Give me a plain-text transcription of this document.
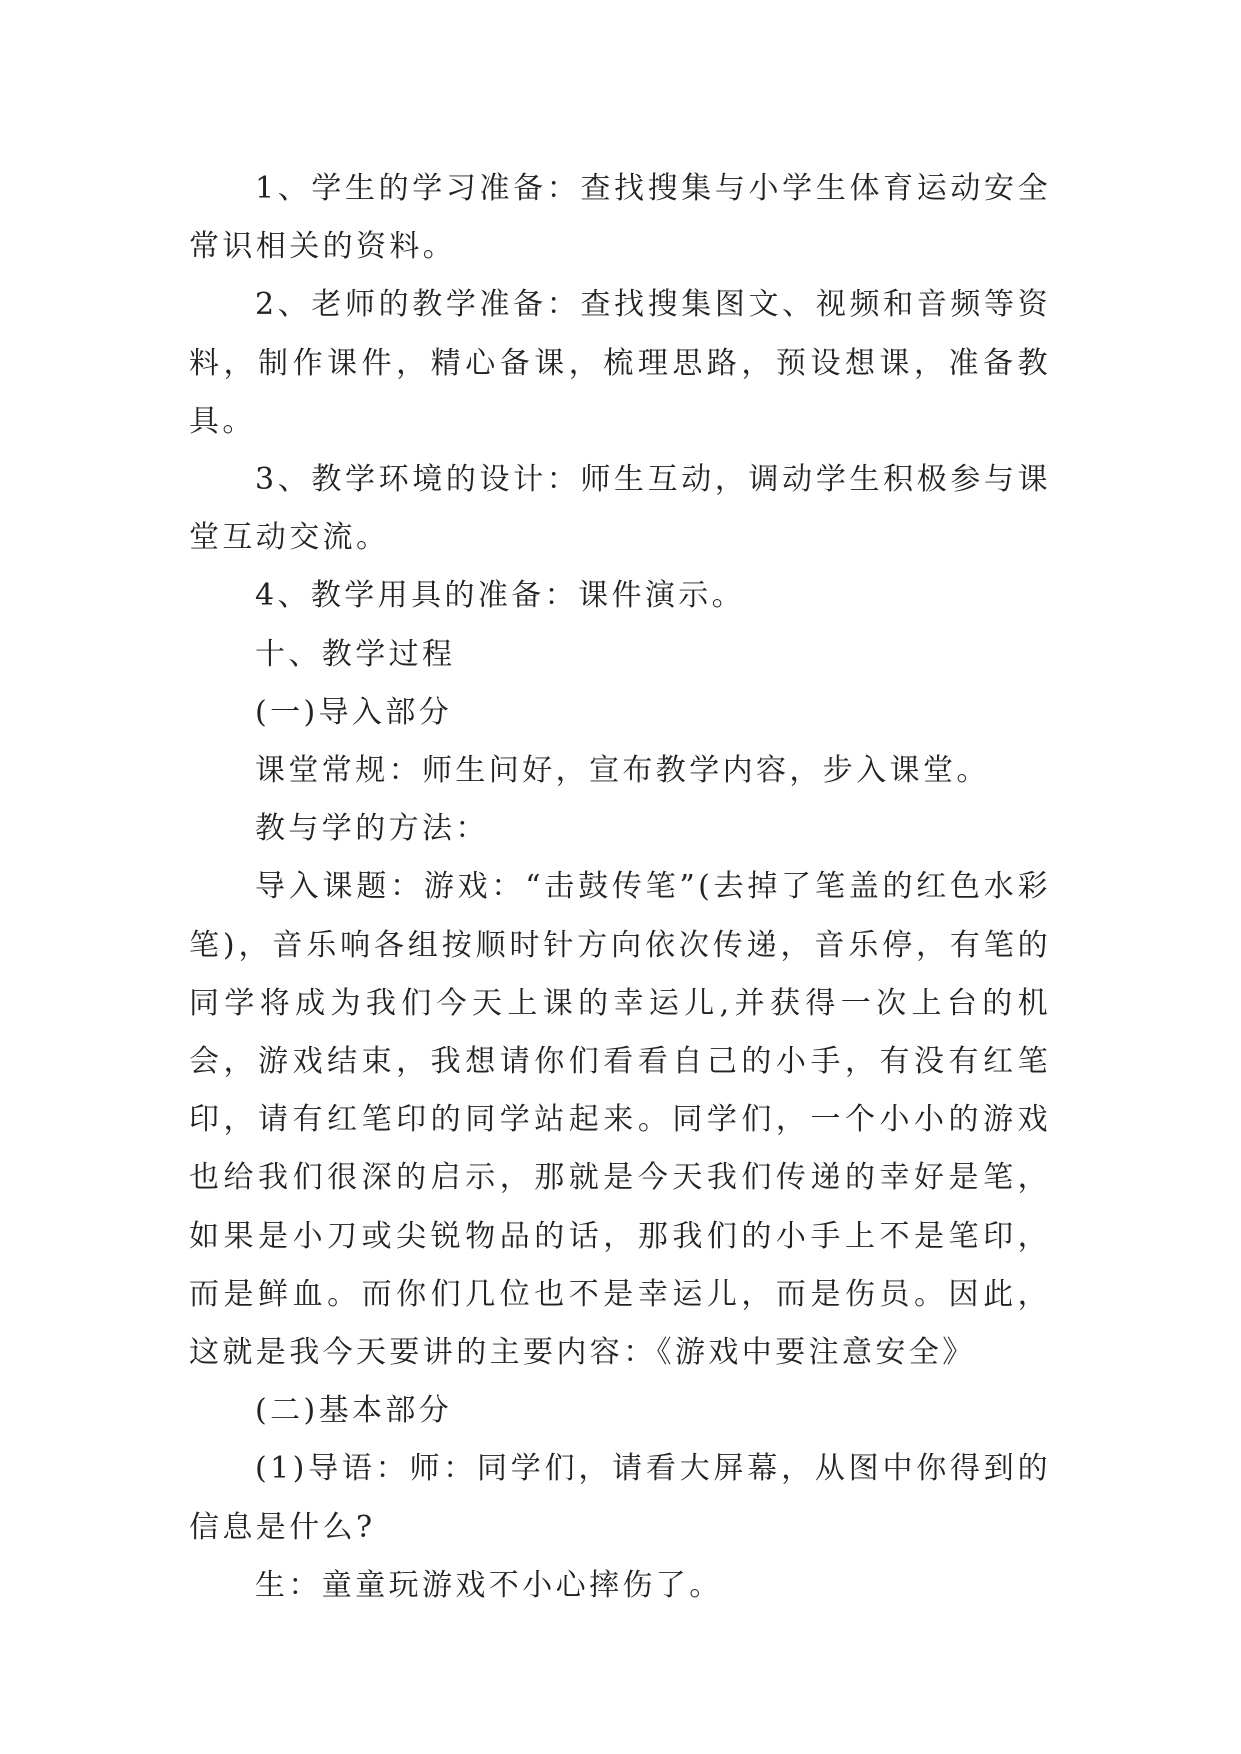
1、学生的学习准备：查找搜集与小学生体育运动安全常识相关的资料。

2、老师的教学准备：查找搜集图文、视频和音频等资料，制作课件，精心备课，梳理思路，预设想课，准备教具。

3、教学环境的设计：师生互动，调动学生积极参与课堂互动交流。

4、教学用具的准备：课件演示。

十、教学过程

(一)导入部分

课堂常规：师生问好，宣布教学内容，步入课堂。

教与学的方法：

导入课题：游戏：“击鼓传笔”(去掉了笔盖的红色水彩笔)，音乐响各组按顺时针方向依次传递，音乐停，有笔的同学将成为我们今天上课的幸运儿,并获得一次上台的机会，游戏结束，我想请你们看看自己的小手，有没有红笔印，请有红笔印的同学站起来。同学们，一个小小的游戏也给我们很深的启示，那就是今天我们传递的幸好是笔，如果是小刀或尖锐物品的话，那我们的小手上不是笔印，而是鲜血。而你们几位也不是幸运儿，而是伤员。因此，这就是我今天要讲的主要内容：《游戏中要注意安全》

(二)基本部分

(1)导语：师：同学们，请看大屏幕，从图中你得到的信息是什么?

生：童童玩游戏不小心摔伤了。
